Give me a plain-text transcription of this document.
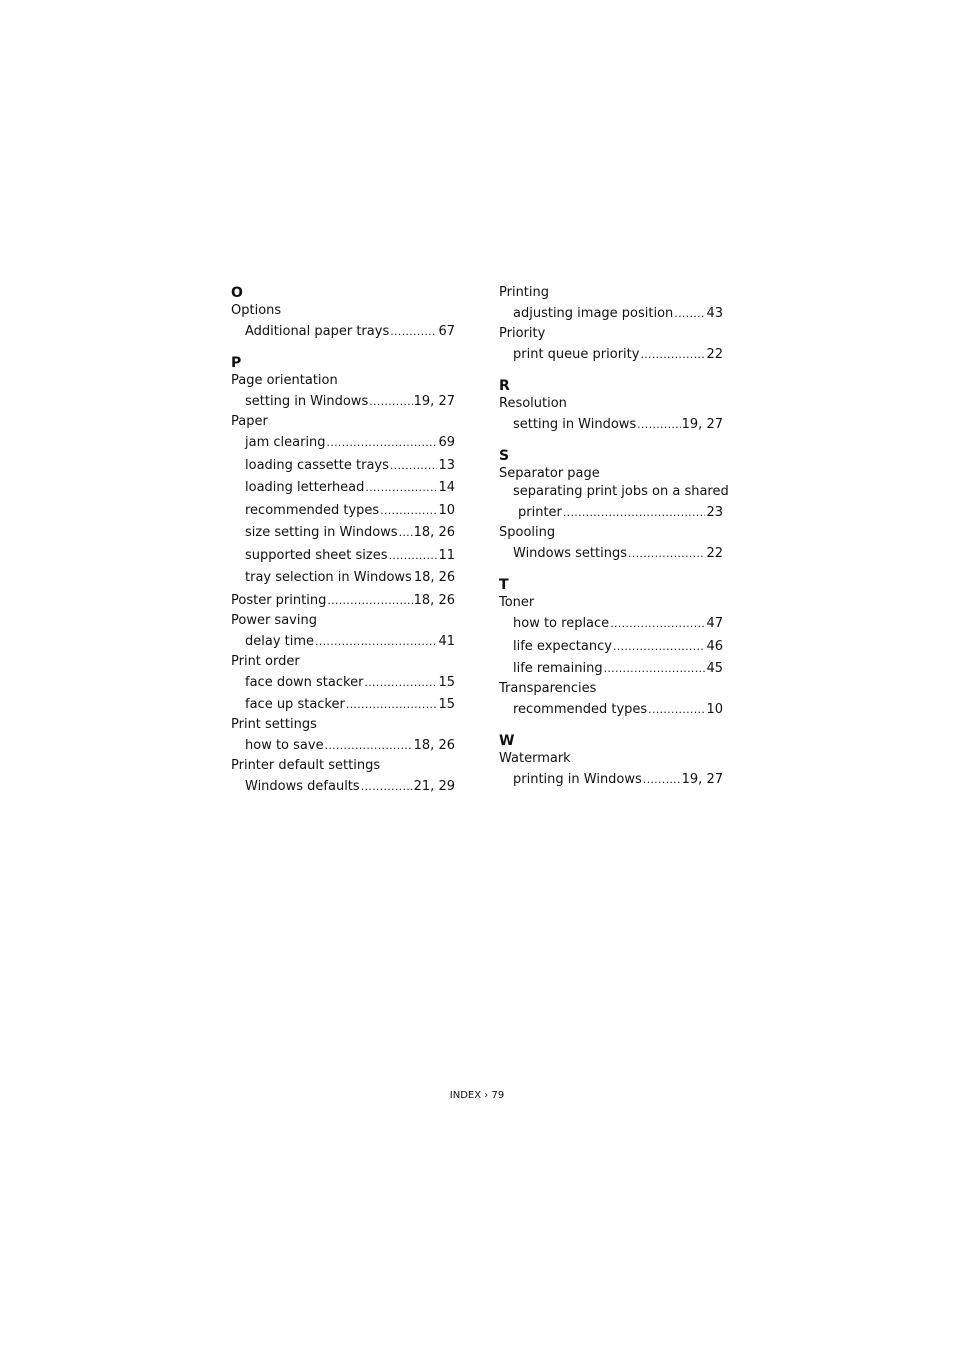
O
Options
Additional paper trays .....	67
P
Page orientation
setting in Windows .....	19, 27
Paper
jam clearing .....	69
loading cassette trays .....	13
loading letterhead .....	14
recommended types .....	10
size setting in Windows ..... 18, 26
supported sheet sizes .....	11
tray selection in Windows 18, 26
Poster printing .....	18, 26
Power saving
delay time .....	41
Print order
face down stacker .....	15
face up stacker .....	15
Print settings
how to save .....	18, 26
Printer default settings
Windows defaults .....	21, 29
Printing
adjusting image position .....	43
Priority
print queue priority .....	22
R
Resolution
setting in Windows .....	19, 27
S
Separator page
separating print jobs on a shared
printer .....	23
Spooling
Windows settings .....	22
T
Toner
how to replace .....	47
life expectancy .....	46
life remaining .....	45
Transparencies
recommended types .....	10
W
Watermark
printing in Windows .....	19, 27
INDEX › 79
